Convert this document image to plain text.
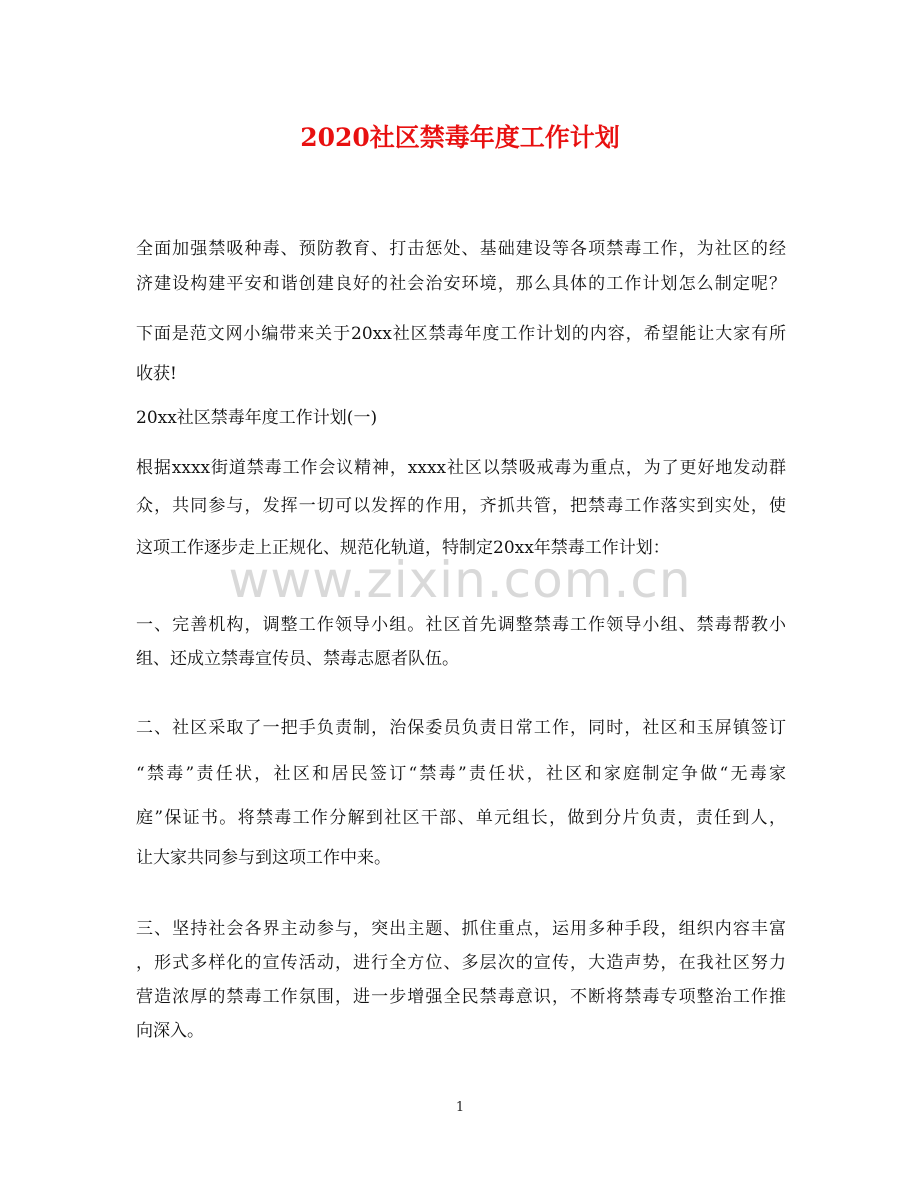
2020社区禁毒年度工作计划
全面加强禁吸种毒、预防教育、打击惩处、基础建设等各项禁毒工作，为社区的经
济建设构建平安和谐创建良好的社会治安环境，那么具体的工作计划怎么制定呢？
下面是范文网小编带来关于20xx社区禁毒年度工作计划的内容，希望能让大家有所
收获!
20xx社区禁毒年度工作计划(一)
根据xxxx街道禁毒工作会议精神，xxxx社区以禁吸戒毒为重点，为了更好地发动群
众，共同参与，发挥一切可以发挥的作用，齐抓共管，把禁毒工作落实到实处，使
这项工作逐步走上正规化、规范化轨道，特制定20xx年禁毒工作计划：
www.zixin.com.cn
一、完善机构，调整工作领导小组。社区首先调整禁毒工作领导小组、禁毒帮教小
组、还成立禁毒宣传员、禁毒志愿者队伍。
二、社区采取了一把手负责制，治保委员负责日常工作，同时，社区和玉屏镇签订
“禁毒”责任状，社区和居民签订“禁毒”责任状，社区和家庭制定争做“无毒家
庭”保证书。将禁毒工作分解到社区干部、单元组长，做到分片负责，责任到人，
让大家共同参与到这项工作中来。
三、坚持社会各界主动参与，突出主题、抓住重点，运用多种手段，组织内容丰富
，形式多样化的宣传活动，进行全方位、多层次的宣传，大造声势，在我社区努力
营造浓厚的禁毒工作氛围，进一步增强全民禁毒意识，不断将禁毒专项整治工作推
向深入。
1
